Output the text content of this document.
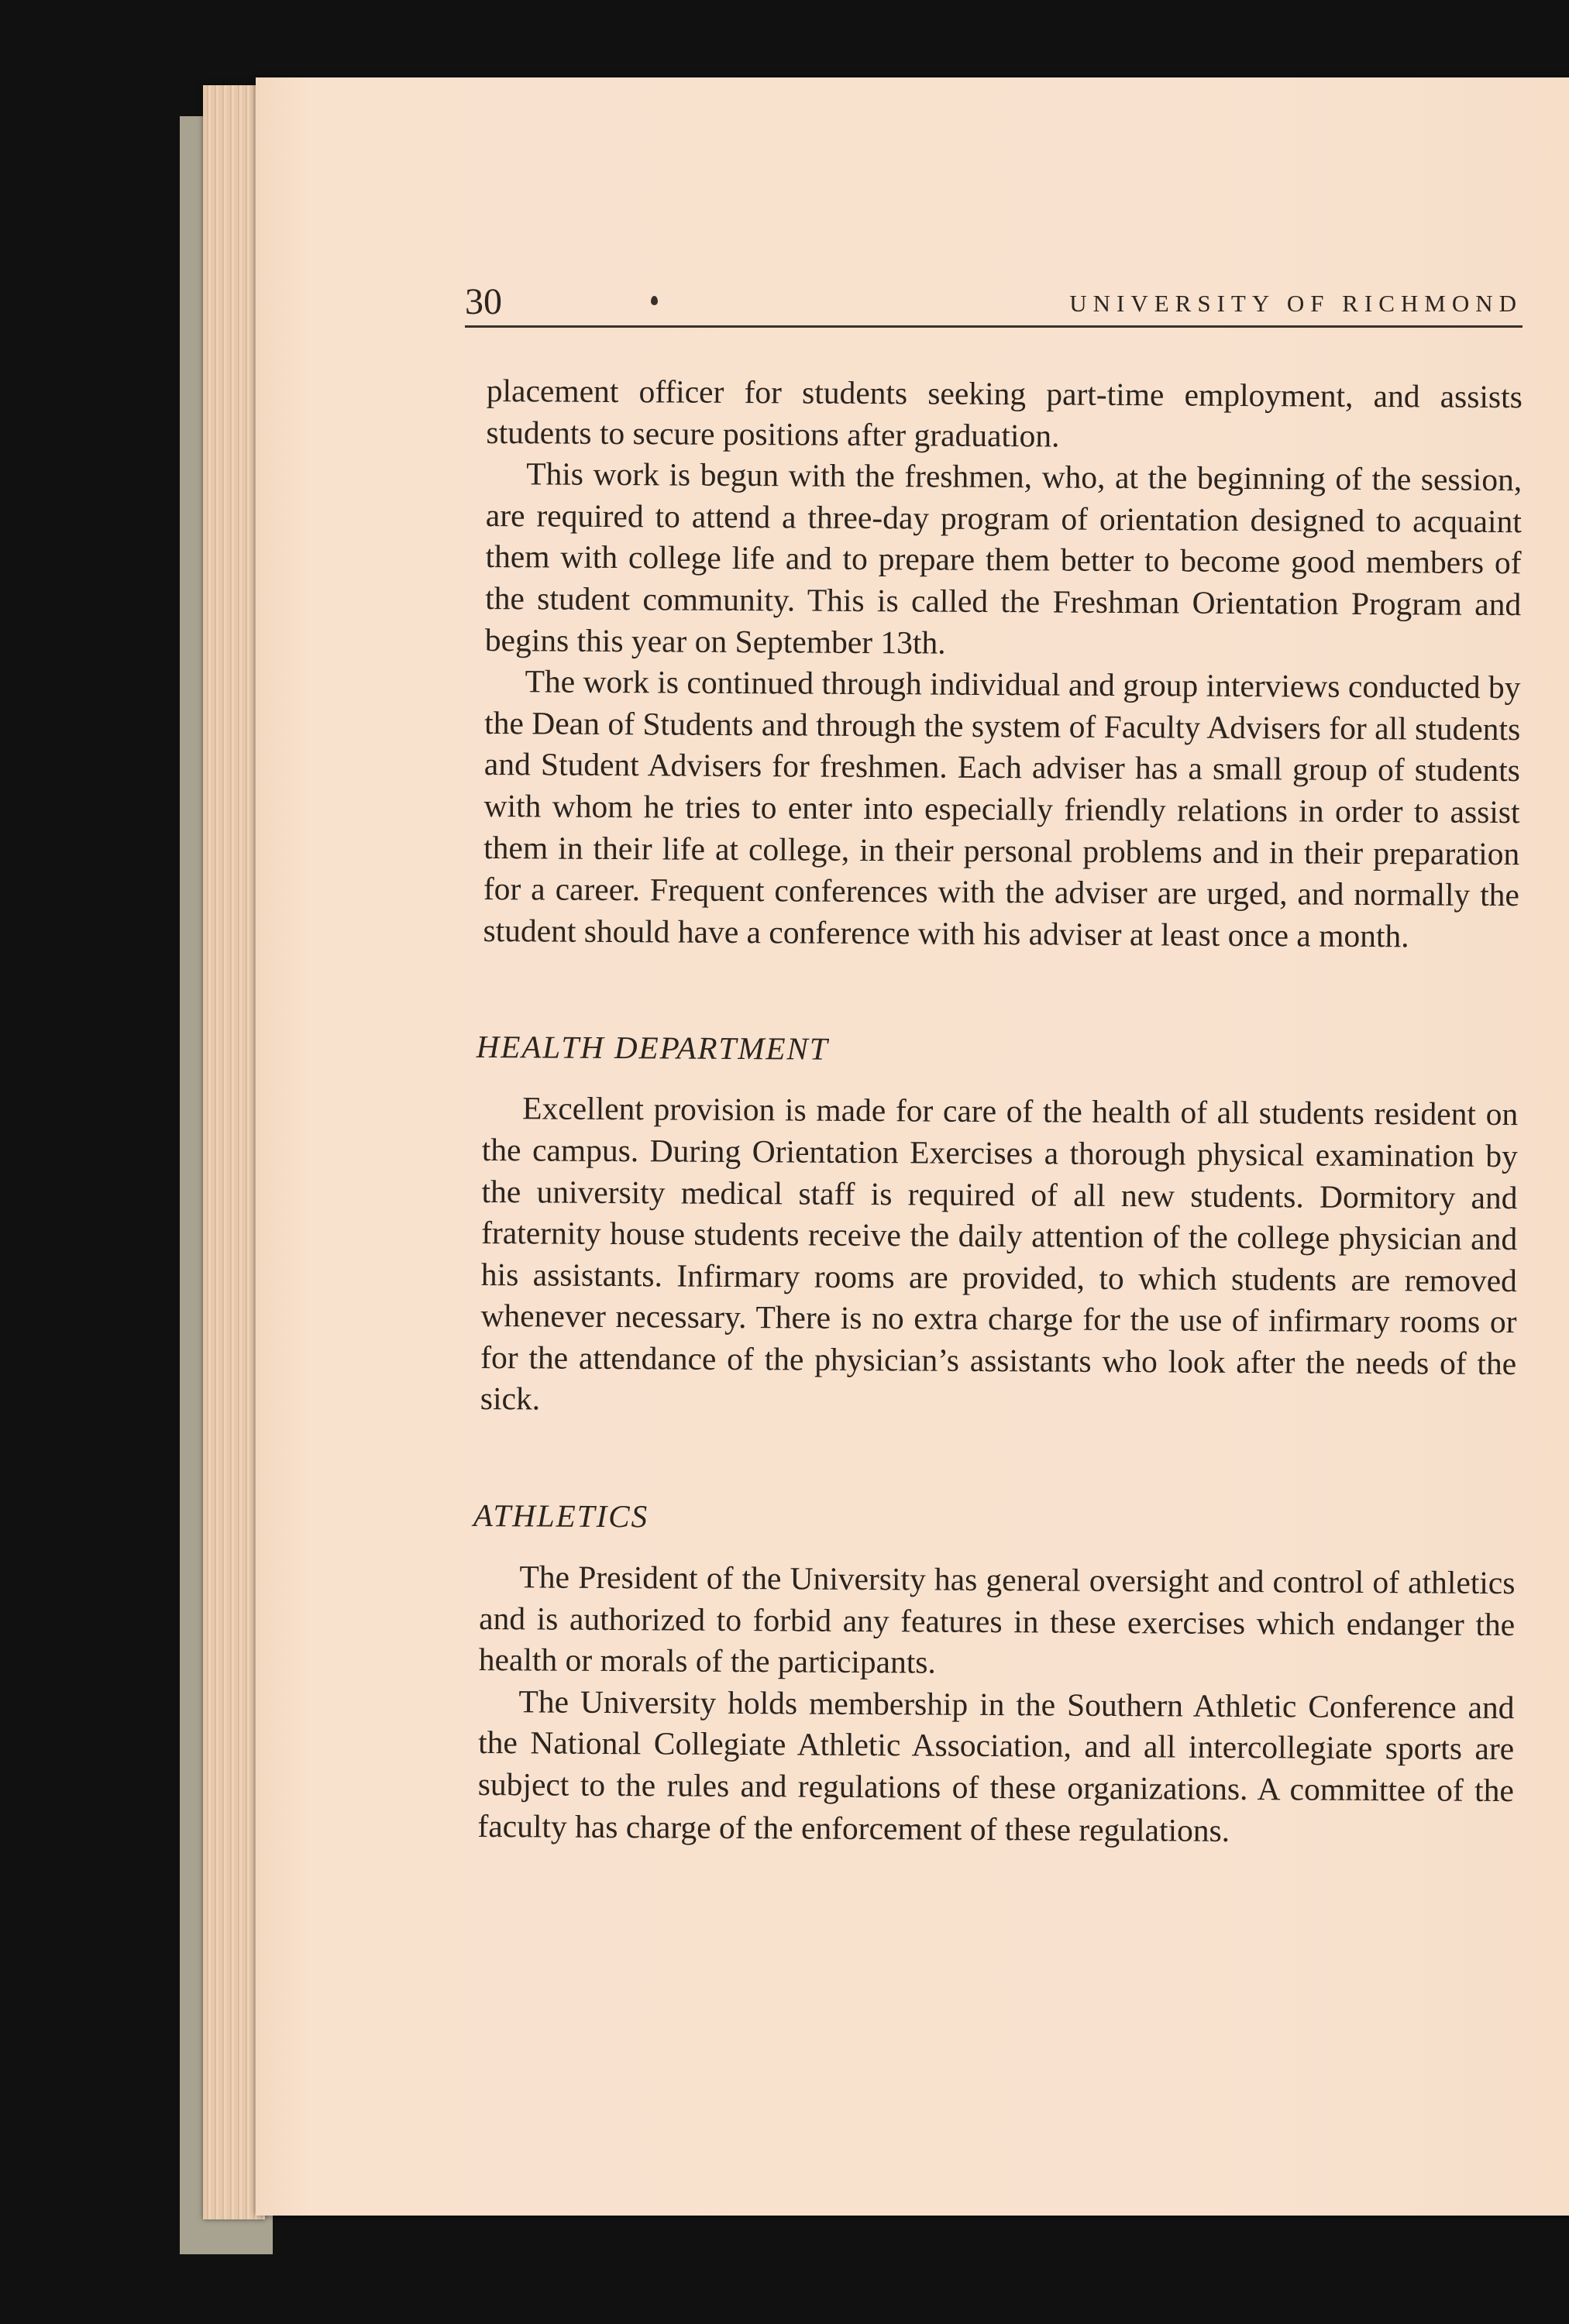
30	UNIVERSITY OF RICHMOND

placement officer for students seeking part-time employment, and assists students to secure positions after graduation.

This work is begun with the freshmen, who, at the beginning of the session, are required to attend a three-day program of orientation designed to acquaint them with college life and to prepare them better to become good members of the student community. This is called the Freshman Orientation Program and begins this year on September 13th.

The work is continued through individual and group interviews conducted by the Dean of Students and through the system of Faculty Advisers for all students and Student Advisers for freshmen. Each adviser has a small group of students with whom he tries to enter into especially friendly relations in order to assist them in their life at college, in their personal problems and in their preparation for a career. Frequent conferences with the adviser are urged, and normally the student should have a conference with his adviser at least once a month.

HEALTH DEPARTMENT

Excellent provision is made for care of the health of all students resident on the campus. During Orientation Exercises a thorough physical examination by the university medical staff is required of all new students. Dormitory and fraternity house students receive the daily attention of the college physician and his assistants. Infirmary rooms are provided, to which students are removed whenever necessary. There is no extra charge for the use of infirmary rooms or for the attendance of the physician’s assistants who look after the needs of the sick.

ATHLETICS

The President of the University has general oversight and control of athletics and is authorized to forbid any features in these exercises which endanger the health or morals of the participants.

The University holds membership in the Southern Athletic Conference and the National Collegiate Athletic Association, and all intercollegiate sports are subject to the rules and regulations of these organizations. A committee of the faculty has charge of the enforcement of these regulations.
